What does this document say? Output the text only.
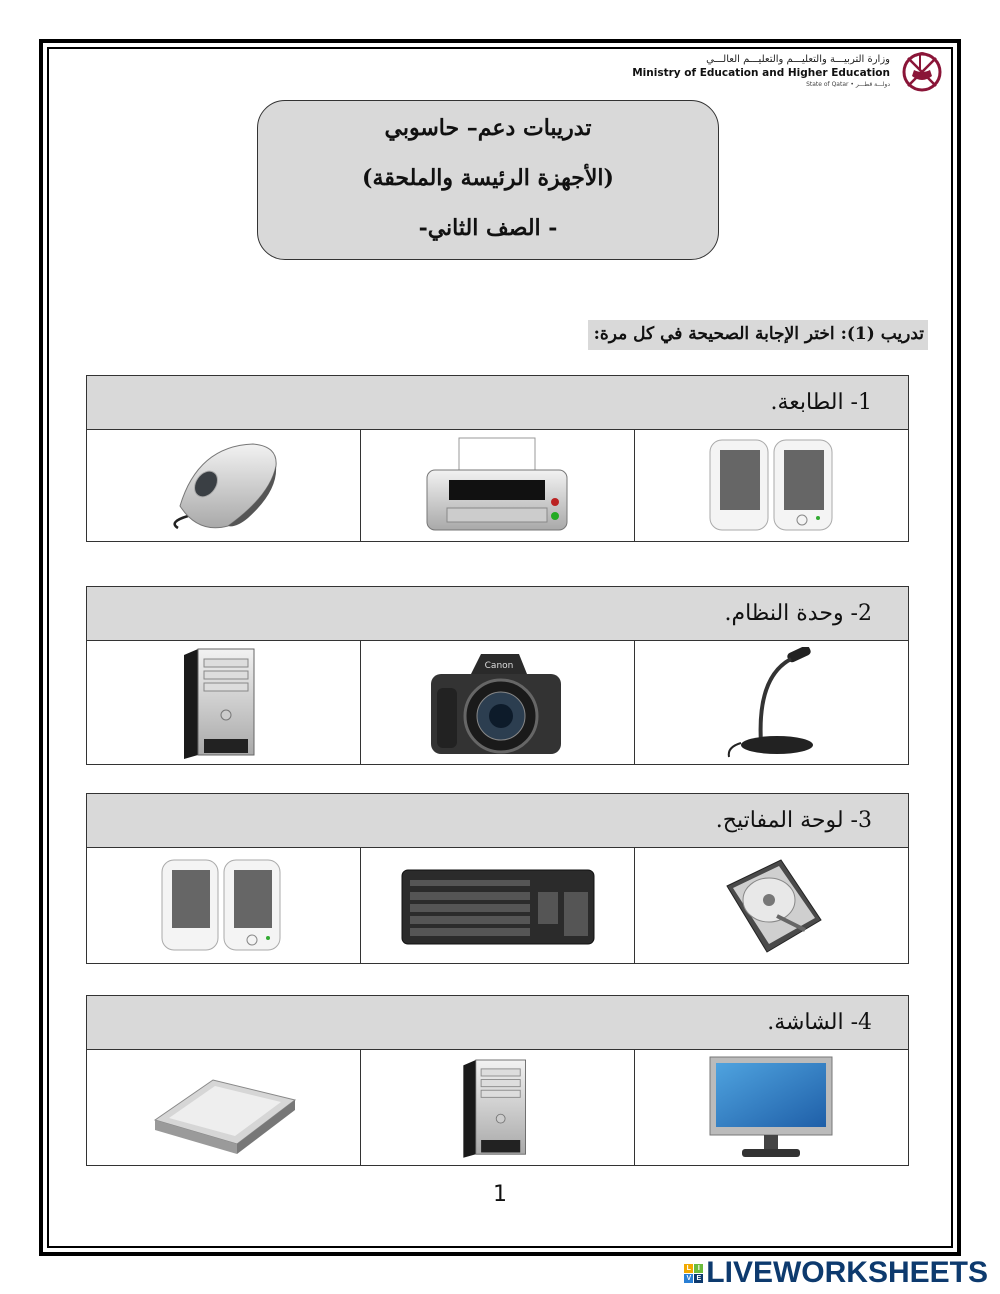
وزارة التربيـــة والتعليـــم والتعليـــم العالـــي
Ministry of Education and Higher Education
State of Qatar • دولـــة قطـــر
تدريبات دعم– حاسوبي
(الأجهزة الرئيسة والملحقة)
- الصف الثاني-
تدريب (1): اختر الإجابة الصحيحة في كل مرة:
1- الطابعة.

2- وحدة النظام.

Canon

3- لوحة المفاتيح.

4- الشاشة.

1
L I
V E LIVEWORKSHEETS
